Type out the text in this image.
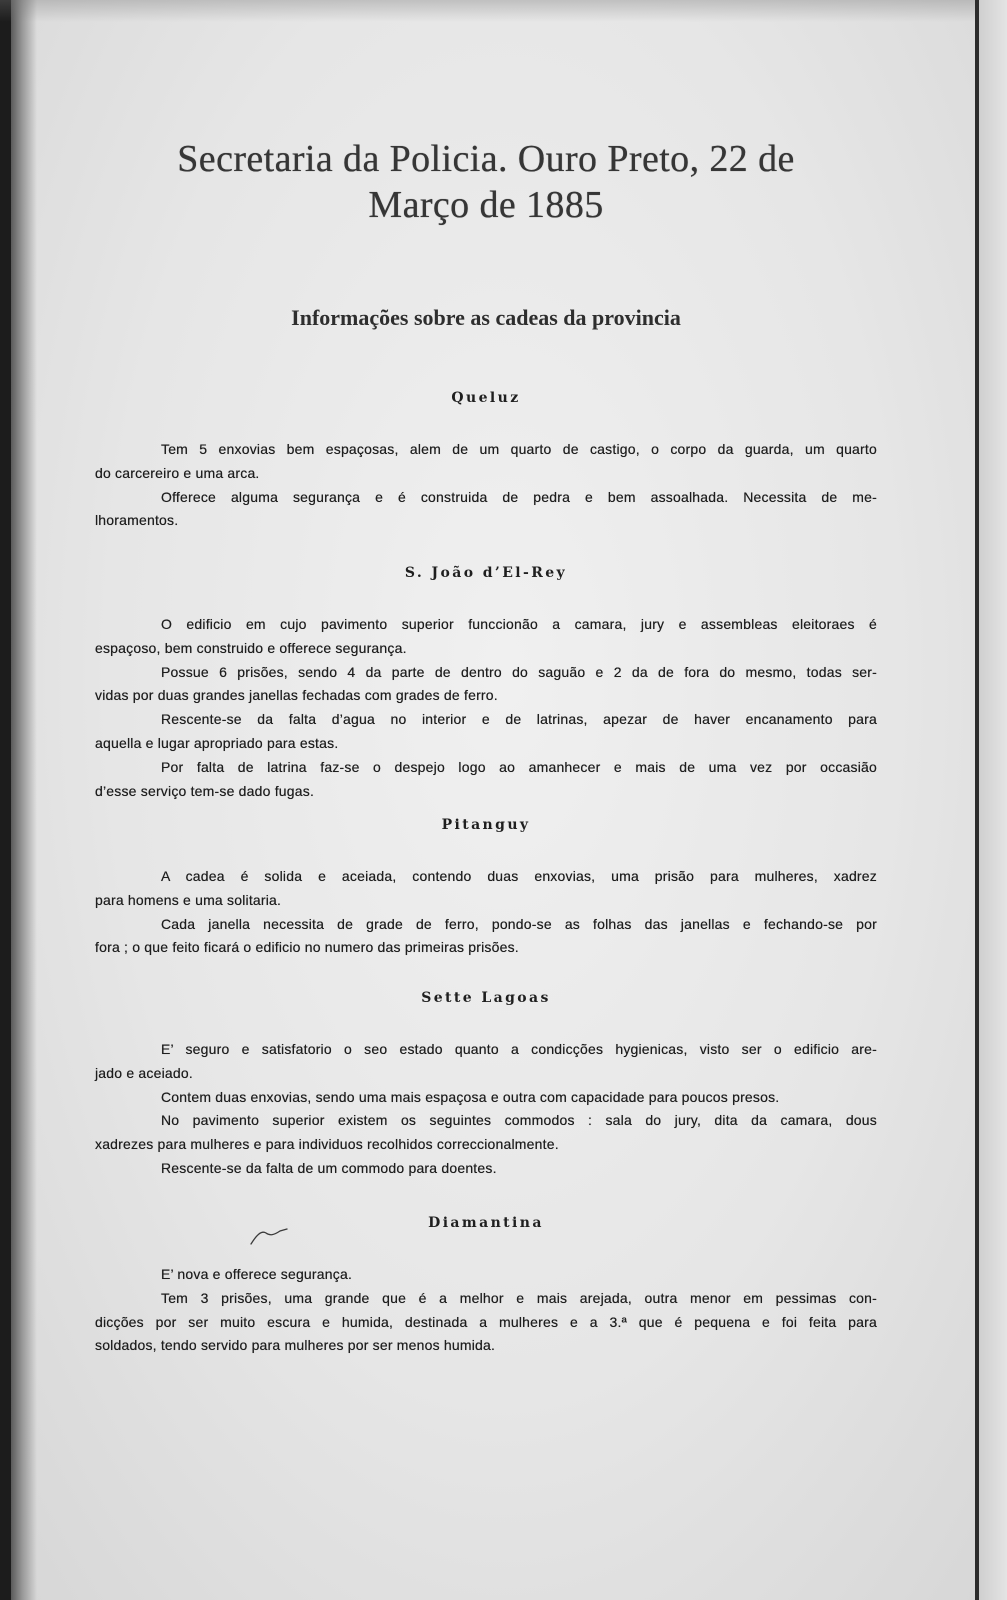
Secretaria da Policia. Ouro Preto, 22 de
Março de 1885
Informações sobre as cadeas da provincia
Queluz
Tem 5 enxovias bem espaçosas, alem de um quarto de castigo, o corpo da guarda, um quarto
do carcereiro e uma arca.
Offerece alguma segurança e é construida de pedra e bem assoalhada. Necessita de me-
lhoramentos.
S. João d’El-Rey
O edificio em cujo pavimento superior funccionão a camara, jury e assembleas eleitoraes é
espaçoso, bem construido e offerece segurança.
Possue 6 prisões, sendo 4 da parte de dentro do saguão e 2 da de fora do mesmo, todas ser-
vidas por duas grandes janellas fechadas com grades de ferro.
Rescente-se da falta d’agua no interior e de latrinas, apezar de haver encanamento para
aquella e lugar apropriado para estas.
Por falta de latrina faz-se o despejo logo ao amanhecer e mais de uma vez por occasião
d’esse serviço tem-se dado fugas.
Pitanguy
A cadea é solida e aceiada, contendo duas enxovias, uma prisão para mulheres, xadrez
para homens e uma solitaria.
Cada janella necessita de grade de ferro, pondo-se as folhas das janellas e fechando-se por
fora ; o que feito ficará o edificio no numero das primeiras prisões.
Sette Lagoas
E’ seguro e satisfatorio o seo estado quanto a condicções hygienicas, visto ser o edificio are-
jado e aceiado.
Contem duas enxovias, sendo uma mais espaçosa e outra com capacidade para poucos presos.
No pavimento superior existem os seguintes commodos : sala do jury, dita da camara, dous
xadrezes para mulheres e para individuos recolhidos correccionalmente.
Rescente-se da falta de um commodo para doentes.
Diamantina
E’ nova e offerece segurança.
Tem 3 prisões, uma grande que é a melhor e mais arejada, outra menor em pessimas con-
dicções por ser muito escura e humida, destinada a mulheres e a 3.ª que é pequena e foi feita para
soldados, tendo servido para mulheres por ser menos humida.
